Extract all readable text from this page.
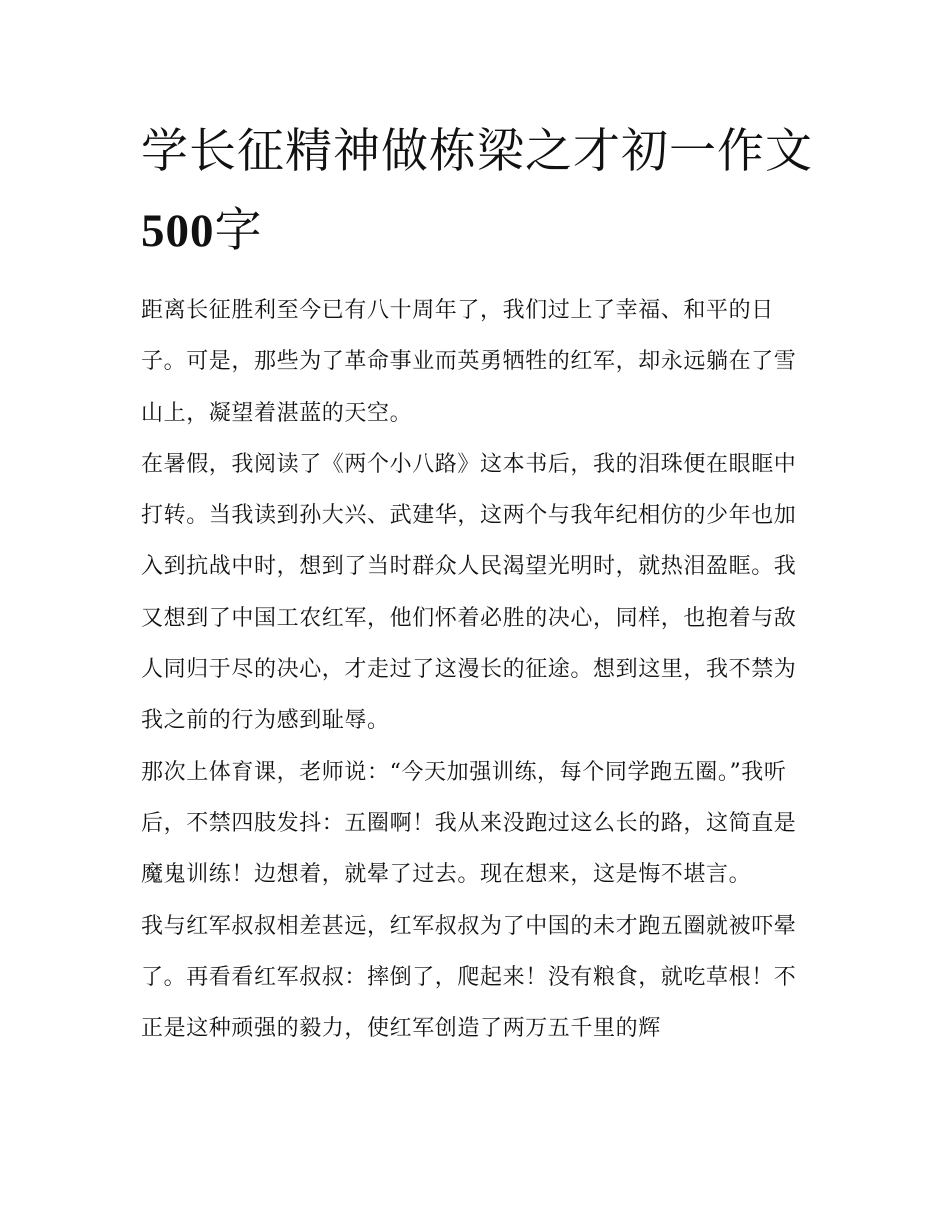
学长征精神做栋梁之才初一作文500字

距离长征胜利至今已有八十周年了，我们过上了幸福、和平的日子。可是，那些为了革命事业而英勇牺牲的红军，却永远躺在了雪山上，凝望着湛蓝的天空。

在暑假，我阅读了《两个小八路》这本书后，我的泪珠便在眼眶中打转。当我读到孙大兴、武建华，这两个与我年纪相仿的少年也加入到抗战中时，想到了当时群众人民渴望光明时，就热泪盈眶。我又想到了中国工农红军，他们怀着必胜的决心，同样，也抱着与敌人同归于尽的决心，才走过了这漫长的征途。想到这里，我不禁为我之前的行为感到耻辱。

那次上体育课，老师说：“今天加强训练，每个同学跑五圈。”我听后，不禁四肢发抖：五圈啊！我从来没跑过这么长的路，这简直是魔鬼训练！边想着，就晕了过去。现在想来，这是悔不堪言。

我与红军叔叔相差甚远，红军叔叔为了中国的未才跑五圈就被吓晕了。再看看红军叔叔：摔倒了，爬起来！没有粮食，就吃草根！不正是这种顽强的毅力，使红军创造了两万五千里的辉
